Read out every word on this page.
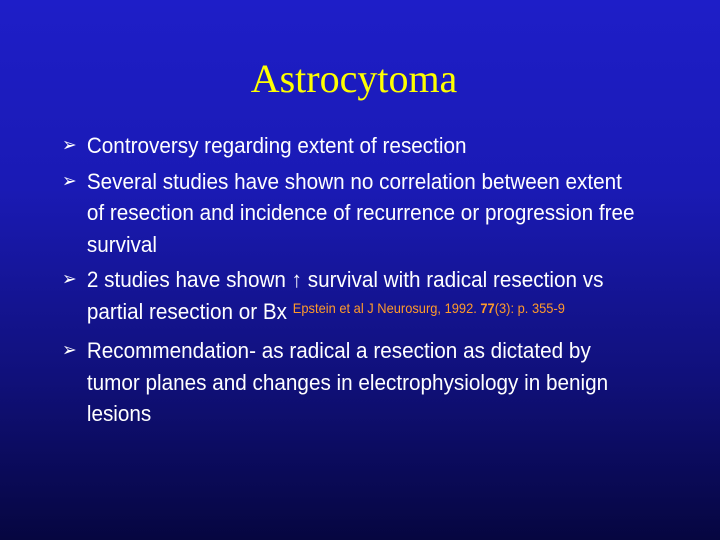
Astrocytoma
➢ Controversy regarding extent of resection
➢ Several studies have shown no correlation between extent of resection and incidence of recurrence or progression free survival
➢ 2 studies have shown ↑ survival with radical resection vs partial resection or Bx $^{Epstein et al J Neurosurg, 1992. 77(3): p. 355-9}$
➢ Recommendation- as radical a resection as dictated by tumor planes and changes in electrophysiology in benign lesions
